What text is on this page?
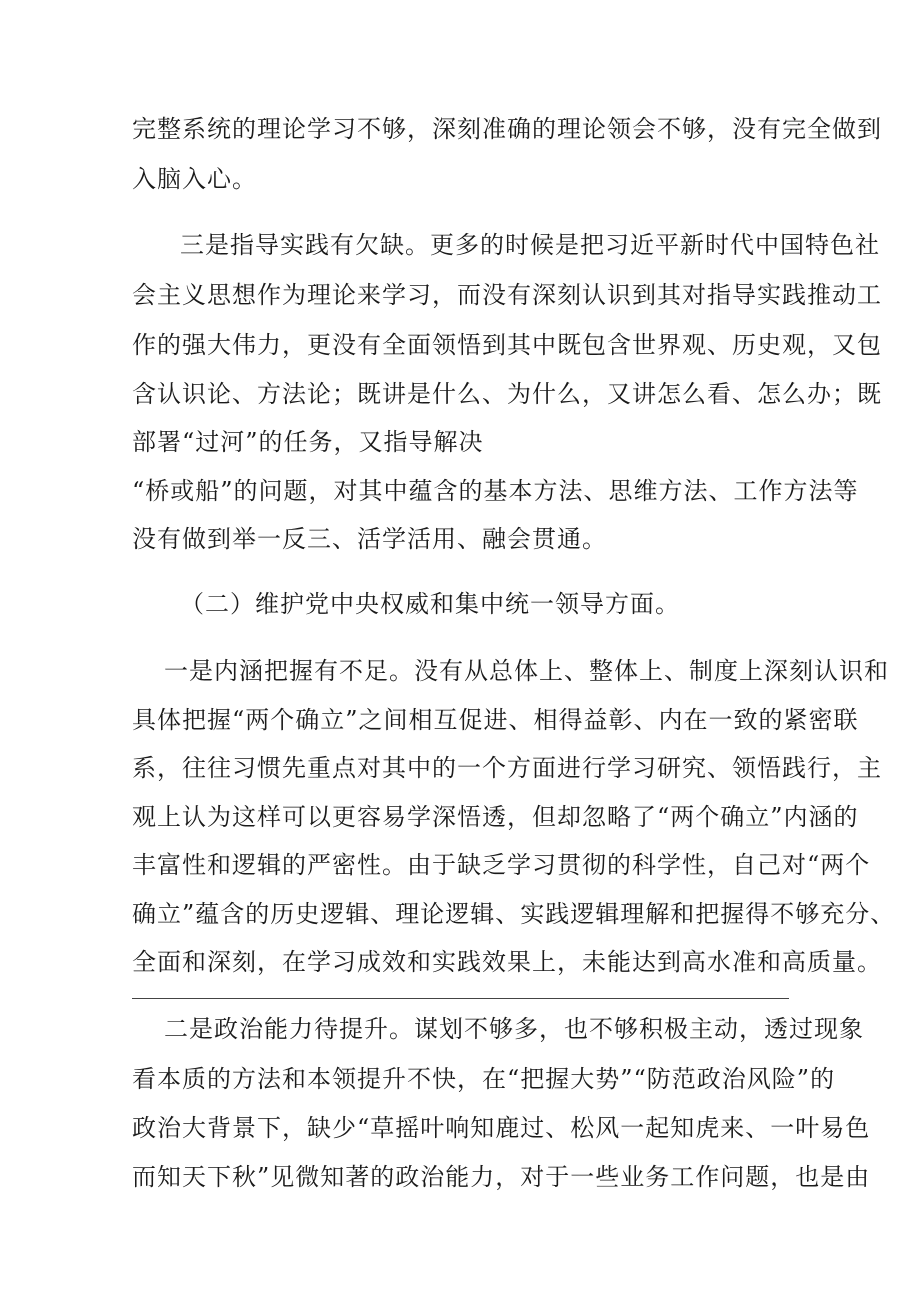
完整系统的理论学习不够，深刻准确的理论领会不够，没有完全做到
入脑入心。
三是指导实践有欠缺。更多的时候是把习近平新时代中国特色社
会主义思想作为理论来学习，而没有深刻认识到其对指导实践推动工
作的强大伟力，更没有全面领悟到其中既包含世界观、历史观，又包
含认识论、方法论；既讲是什么、为什么，又讲怎么看、怎么办；既
部署“过河”的任务，又指导解决
“桥或船”的问题，对其中蕴含的基本方法、思维方法、工作方法等
没有做到举一反三、活学活用、融会贯通。
（二）维护党中央权威和集中统一领导方面。
一是内涵把握有不足。没有从总体上、整体上、制度上深刻认识和
具体把握“两个确立”之间相互促进、相得益彰、内在一致的紧密联
系，往往习惯先重点对其中的一个方面进行学习研究、领悟践行，主
观上认为这样可以更容易学深悟透，但却忽略了“两个确立”内涵的
丰富性和逻辑的严密性。由于缺乏学习贯彻的科学性，自己对“两个
确立”蕴含的历史逻辑、理论逻辑、实践逻辑理解和把握得不够充分、
全面和深刻，在学习成效和实践效果上，未能达到高水准和高质量。
二是政治能力待提升。谋划不够多，也不够积极主动，透过现象
看本质的方法和本领提升不快，在“把握大势”“防范政治风险”的
政治大背景下，缺少“草摇叶响知鹿过、松风一起知虎来、一叶易色
而知天下秋”见微知著的政治能力，对于一些业务工作问题，也是由
